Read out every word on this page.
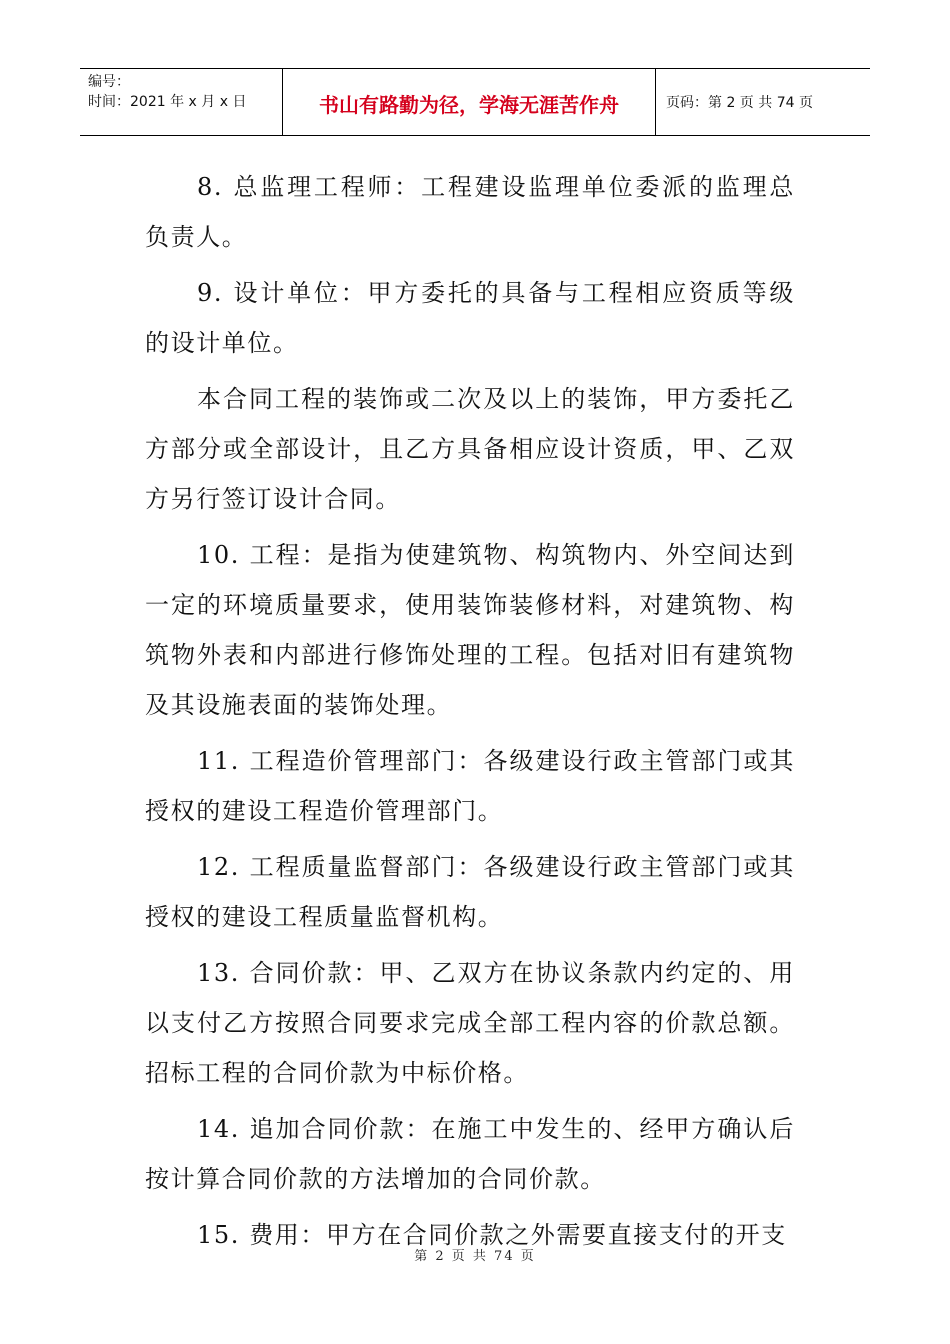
编号：
时间：2021 年 x 月 x 日	书山有路勤为径，学海无涯苦作舟	页码：第 2 页 共 74 页

8. 总监理工程师：工程建设监理单位委派的监理总负责人。

9. 设计单位：甲方委托的具备与工程相应资质等级的设计单位。

本合同工程的装饰或二次及以上的装饰，甲方委托乙方部分或全部设计，且乙方具备相应设计资质，甲、乙双方另行签订设计合同。

10. 工程：是指为使建筑物、构筑物内、外空间达到一定的环境质量要求，使用装饰装修材料，对建筑物、构筑物外表和内部进行修饰处理的工程。包括对旧有建筑物及其设施表面的装饰处理。

11. 工程造价管理部门：各级建设行政主管部门或其授权的建设工程造价管理部门。

12. 工程质量监督部门：各级建设行政主管部门或其授权的建设工程质量监督机构。

13. 合同价款：甲、乙双方在协议条款内约定的、用以支付乙方按照合同要求完成全部工程内容的价款总额。招标工程的合同价款为中标价格。

14. 追加合同价款：在施工中发生的、经甲方确认后按计算合同价款的方法增加的合同价款。

15. 费用：甲方在合同价款之外需要直接支付的开支

第 2 页 共 74 页
